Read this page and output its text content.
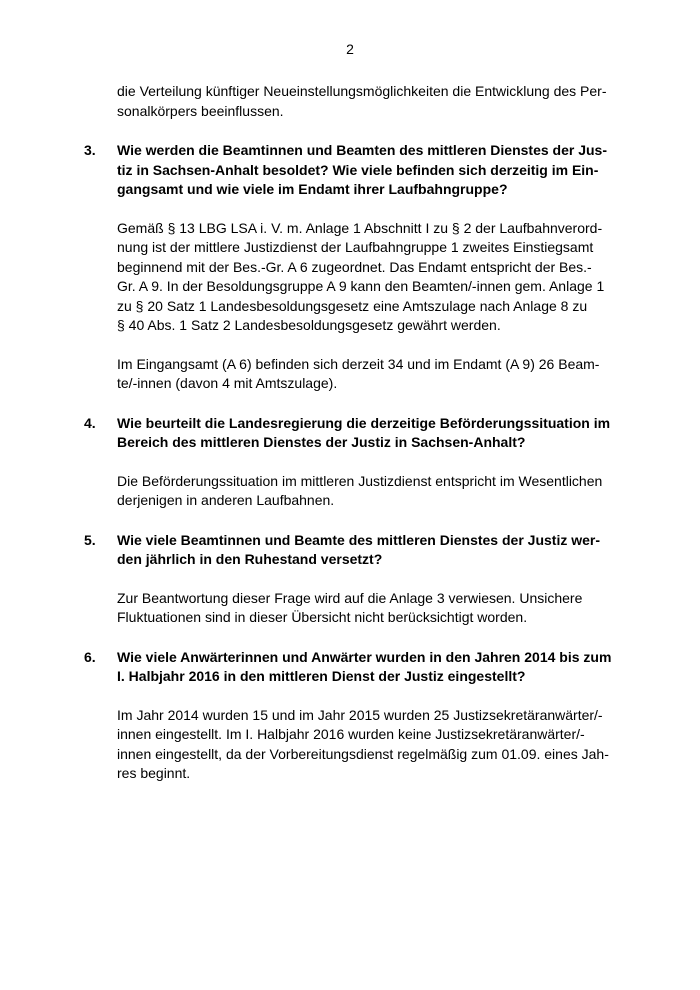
2
die Verteilung künftiger Neueinstellungsmöglichkeiten die Entwicklung des Per-
sonalkörpers beeinflussen.
3.	Wie werden die Beamtinnen und Beamten des mittleren Dienstes der Jus-
tiz in Sachsen-Anhalt besoldet? Wie viele befinden sich derzeitig im Ein-
gangsamt und wie viele im Endamt ihrer Laufbahngruppe?
Gemäß § 13 LBG LSA i. V. m. Anlage 1 Abschnitt I zu § 2 der Laufbahnverord-
nung ist der mittlere Justizdienst der Laufbahngruppe 1 zweites Einstiegsamt
beginnend mit der Bes.-Gr. A 6 zugeordnet. Das Endamt entspricht der Bes.-
Gr. A 9. In der Besoldungsgruppe A 9 kann den Beamten/-innen gem. Anlage 1
zu § 20 Satz 1 Landesbesoldungsgesetz eine Amtszulage nach Anlage 8 zu
§ 40 Abs. 1 Satz 2 Landesbesoldungsgesetz gewährt werden.
Im Eingangsamt (A 6) befinden sich derzeit 34 und im Endamt (A 9) 26 Beam-
te/-innen (davon 4 mit Amtszulage).
4.	Wie beurteilt die Landesregierung die derzeitige Beförderungssituation im
Bereich des mittleren Dienstes der Justiz in Sachsen-Anhalt?
Die Beförderungssituation im mittleren Justizdienst entspricht im Wesentlichen
derjenigen in anderen Laufbahnen.
5.	Wie viele Beamtinnen und Beamte des mittleren Dienstes der Justiz wer-
den jährlich in den Ruhestand versetzt?
Zur Beantwortung dieser Frage wird auf die Anlage 3 verwiesen. Unsichere
Fluktuationen sind in dieser Übersicht nicht berücksichtigt worden.
6.	Wie viele Anwärterinnen und Anwärter wurden in den Jahren 2014 bis zum
I. Halbjahr 2016 in den mittleren Dienst der Justiz eingestellt?
Im Jahr 2014 wurden 15 und im Jahr 2015 wurden 25 Justizsekretäranwärter/-
innen eingestellt. Im I. Halbjahr 2016 wurden keine Justizsekretäranwärter/-
innen eingestellt, da der Vorbereitungsdienst regelmäßig zum 01.09. eines Jah-
res beginnt.
